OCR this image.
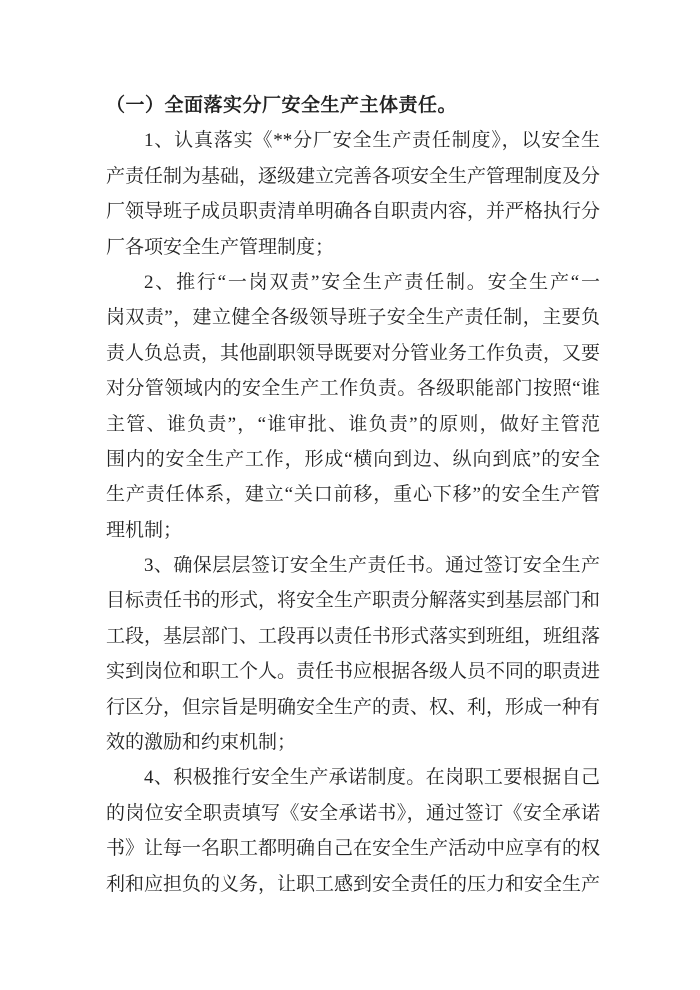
（一）全面落实分厂安全生产主体责任。
1、认真落实《**分厂安全生产责任制度》，以安全生
产责任制为基础，逐级建立完善各项安全生产管理制度及分
厂领导班子成员职责清单明确各自职责内容，并严格执行分
厂各项安全生产管理制度；
2、推行“一岗双责”安全生产责任制。安全生产“一
岗双责”，建立健全各级领导班子安全生产责任制，主要负
责人负总责，其他副职领导既要对分管业务工作负责，又要
对分管领域内的安全生产工作负责。各级职能部门按照“谁
主管、谁负责”，“谁审批、谁负责”的原则，做好主管范
围内的安全生产工作，形成“横向到边、纵向到底”的安全
生产责任体系，建立“关口前移，重心下移”的安全生产管
理机制；
3、确保层层签订安全生产责任书。通过签订安全生产
目标责任书的形式，将安全生产职责分解落实到基层部门和
工段，基层部门、工段再以责任书形式落实到班组，班组落
实到岗位和职工个人。责任书应根据各级人员不同的职责进
行区分，但宗旨是明确安全生产的责、权、利，形成一种有
效的激励和约束机制；
4、积极推行安全生产承诺制度。在岗职工要根据自己
的岗位安全职责填写《安全承诺书》，通过签订《安全承诺
书》让每一名职工都明确自己在安全生产活动中应享有的权
利和应担负的义务，让职工感到安全责任的压力和安全生产
